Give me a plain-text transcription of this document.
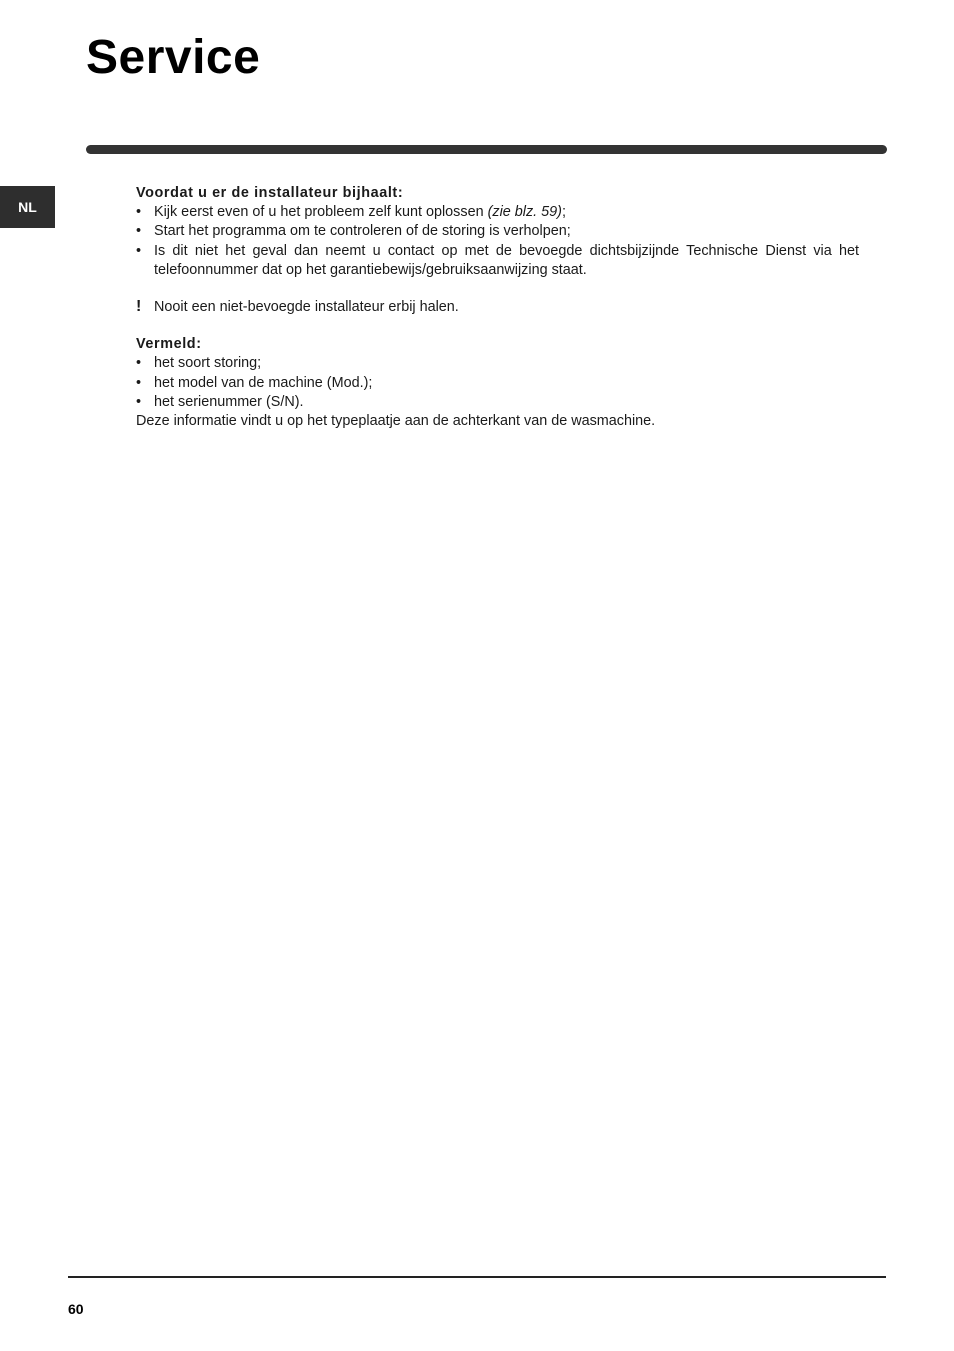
Service
NL
Voordat u er de installateur bijhaalt:
• Kijk eerst even of u het probleem zelf kunt oplossen (zie blz. 59);
• Start het programma om te controleren of de storing is verholpen;
• Is dit niet het geval dan neemt u contact op met de bevoegde dichtsbijzijnde Technische Dienst via het telefoonnummer dat op het garantiebewijs/gebruiksaanwijzing staat.
! Nooit een niet-bevoegde installateur erbij halen.
Vermeld:
• het soort storing;
• het model van de machine (Mod.);
• het serienummer (S/N).
Deze informatie vindt u op het typeplaatje aan de achterkant van de wasmachine.
60
